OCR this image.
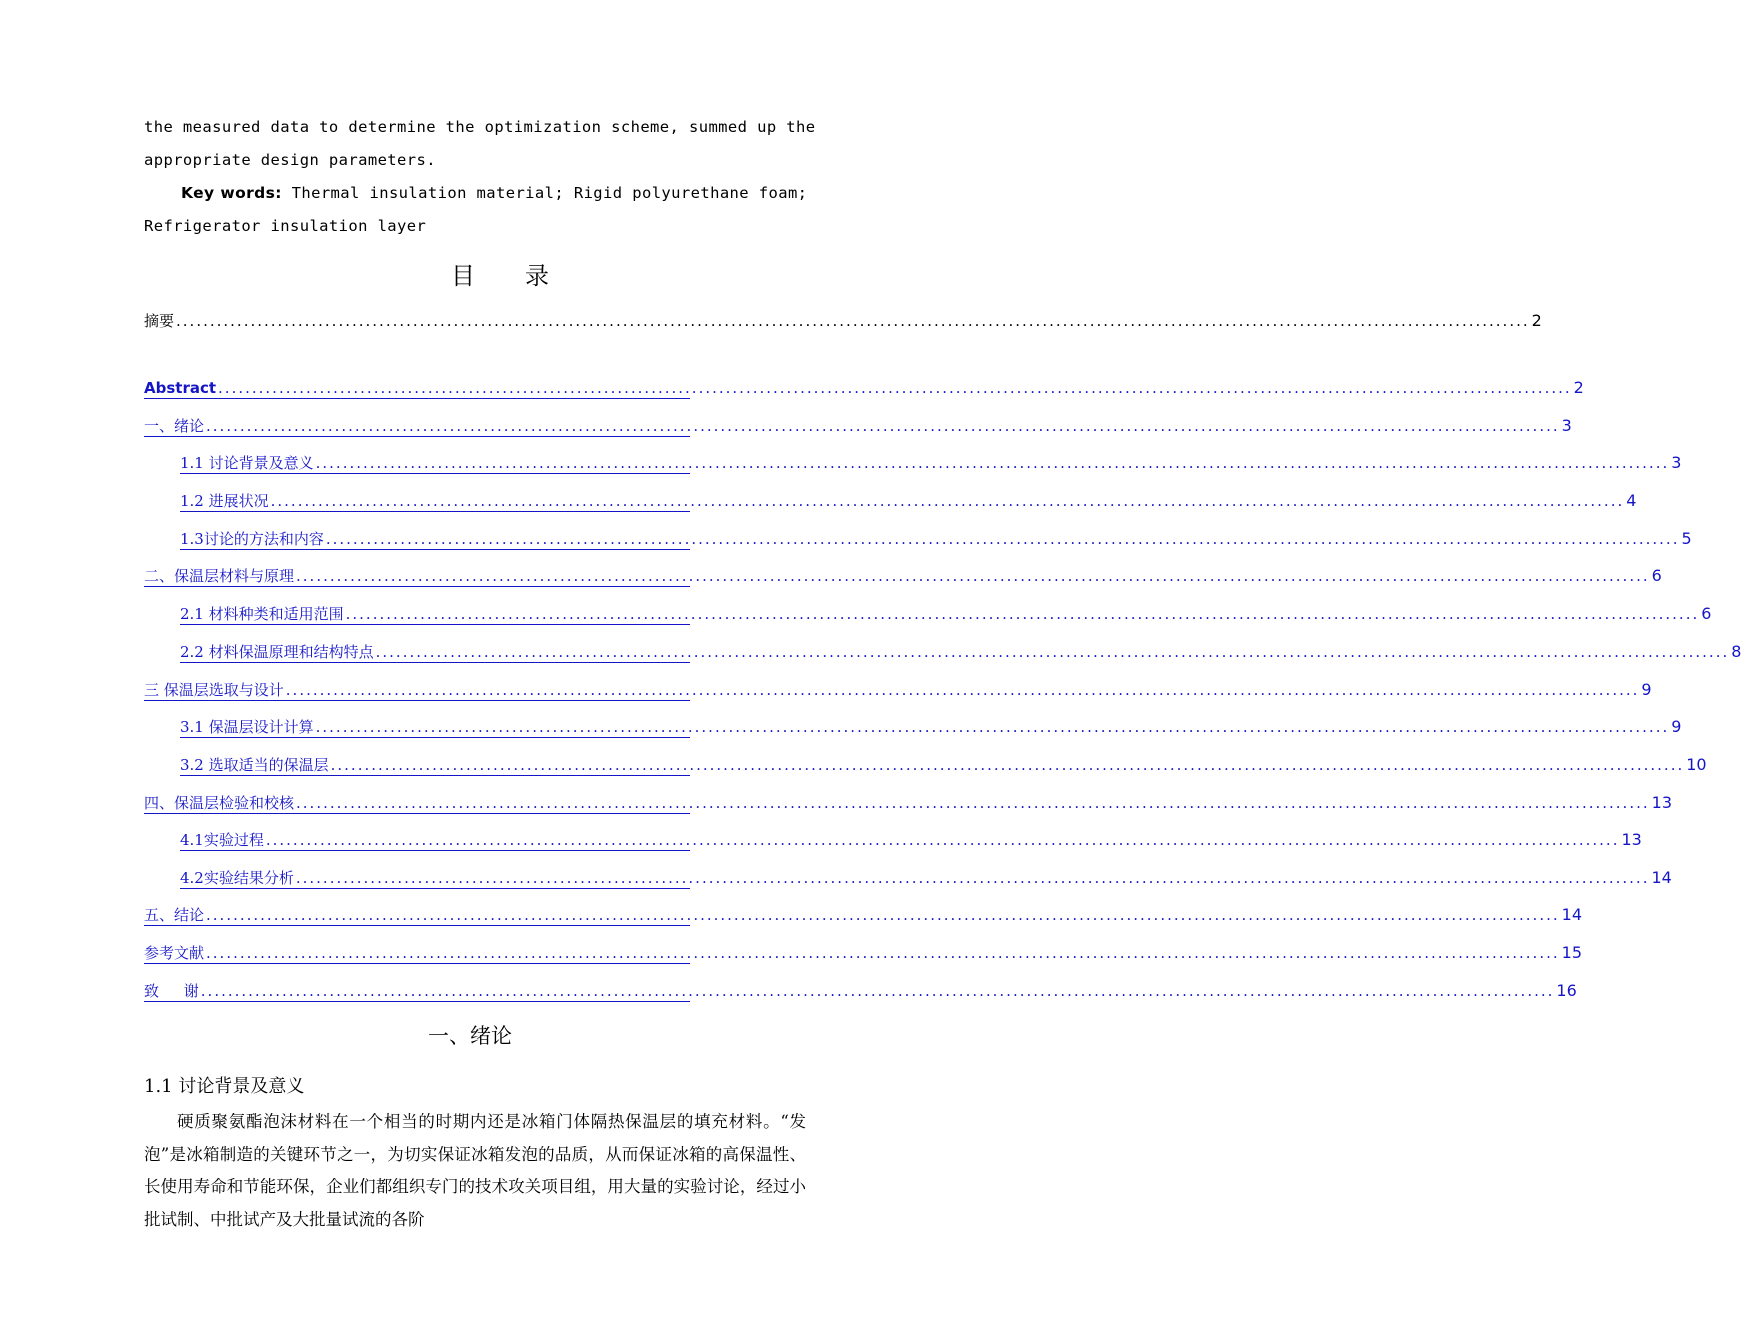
the measured data to determine the optimization scheme, summed up the
appropriate design parameters.
Key words: Thermal insulation material; Rigid polyurethane foam;
Refrigerator insulation layer
目录
摘要 ........................................................................................................................................................................................................ 2
Abstract ........................................................................................................................................................................................................ 2
一、绪论 ........................................................................................................................................................................................................ 3
1.1 讨论背景及意义 ........................................................................................................................................................................................................ 3
1.2 进展状况 ........................................................................................................................................................................................................ 4
1.3讨论的方法和内容 ........................................................................................................................................................................................................ 5
二、保温层材料与原理 ........................................................................................................................................................................................................ 6
2.1 材料种类和适用范围 ........................................................................................................................................................................................................ 6
2.2 材料保温原理和结构特点 ........................................................................................................................................................................................................ 8
三 保温层选取与设计 ........................................................................................................................................................................................................ 9
3.1 保温层设计计算 ........................................................................................................................................................................................................ 9
3.2 选取适当的保温层 ........................................................................................................................................................................................................ 10
四、保温层检验和校核 ........................................................................................................................................................................................................ 13
4.1实验过程 ........................................................................................................................................................................................................ 13
4.2实验结果分析 ........................................................................................................................................................................................................ 14
五、结论 ........................................................................................................................................................................................................ 14
参考文献 ........................................................................................................................................................................................................ 15
致 谢 ........................................................................................................................................................................................................ 16
一、绪论
1.1 讨论背景及意义

硬质聚氨酯泡沫材料在一个相当的时期内还是冰箱门体隔热保温层的填充材料。“发泡”是冰箱制造的关键环节之一，为切实保证冰箱发泡的品质，从而保证冰箱的高保温性、长使用寿命和节能环保，企业们都组织专门的技术攻关项目组，用大量的实验讨论，经过小批试制、中批试产及大批量试流的各阶
